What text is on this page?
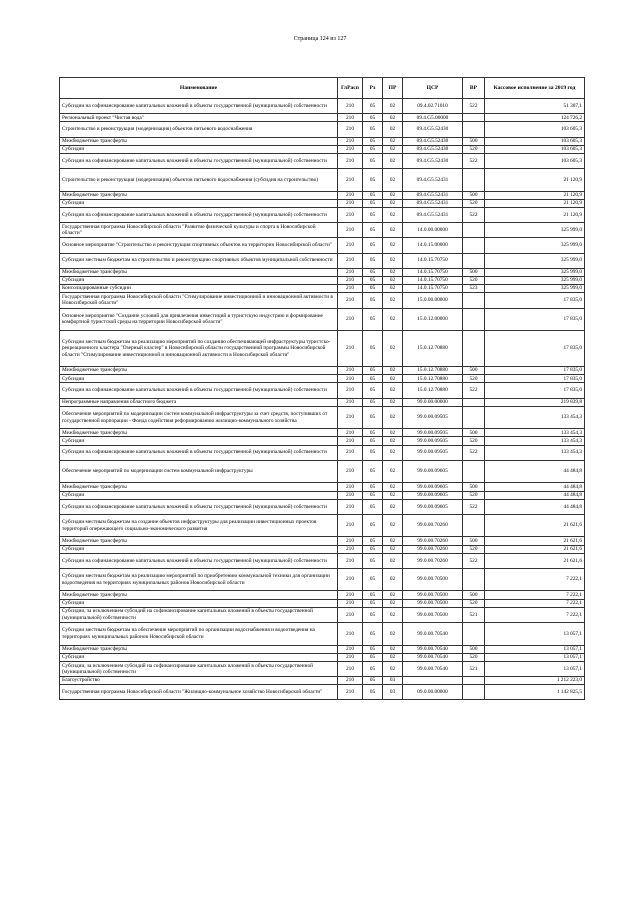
Страница 124 из 127
Наименование	ГлРасп	Рз	ПР	ЦСР	ВР	Кассовое исполнение за 2019 год
Субсидии на софинансирование капитальных вложений в объекты государственной (муниципальной) собственности	210	05	02	09.4.02.71010	522	51 307,1
Региональный проект "Чистая вода"	210	05	02	09.4.G5.00000		124 726,2
Строительство и реконструкция (модернизация) объектов питьевого водоснабжения	210	05	02	09.4.G5.52430		103 605,3
Межбюджетные трансферты	210	05	02	09.4.G5.52430	500	103 605,3
Субсидии	210	05	02	09.4.G5.52430	520	103 605,3
Субсидии на софинансирование капитальных вложений в объекты государственной (муниципальной) собственности	210	05	02	09.4.G5.52430	522	103 605,3
Строительство и реконструкция (модернизация) объектов питьевого водоснабжения (субсидия на строительство)	210	05	02	09.4.G5.52431		21 120,9
Межбюджетные трансферты	210	05	02	09.4.G5.52431	500	21 120,9
Субсидии	210	05	02	09.4.G5.52431	520	21 120,9
Субсидии на софинансирование капитальных вложений в объекты государственной (муниципальной) собственности	210	05	02	09.4.G5.52431	522	21 120,9
Государственная программа Новосибирской области "Развитие физической культуры и спорта в Новосибирской области"	210	05	02	14.0.00.00000		325 999,0
Основное мероприятие "Строительство и реконструкция спортивных объектов на территории Новосибирской области"	210	05	02	14.0.15.00000		325 999,0
Субсидии местным бюджетам на строительство и реконструкцию спортивных объектов муниципальной собственности	210	05	02	14.0.15.70750		325 999,0
Межбюджетные трансферты	210	05	02	14.0.15.70750	500	325 999,0
Субсидии	210	05	02	14.0.15.70750	520	325 999,0
Консолидированные субсидии	210	05	02	14.0.15.70750	523	325 999,0
Государственная программа Новосибирской области "Стимулирование инвестиционной и инновационной активности в Новосибирской области"	210	05	02	15.0.00.00000		17 835,0
Основное мероприятие "Создание условий для привлечения инвестиций в туристскую индустрию и формирование комфортной туристской среды на территории Новосибирской области"	210	05	02	15.0.12.00000		17 835,0
Субсидии местным бюджетам на реализацию мероприятий по созданию обеспечивающей инфраструктуры туристско-рекреационного кластера "Озерный кластер" в Новосибирской области государственной программы Новосибирской области "Стимулирование инвестиционной и инновационной активности в Новосибирской области"	210	05	02	15.0.12.70880		17 835,0
Межбюджетные трансферты	210	05	02	15.0.12.70880	500	17 835,0
Субсидии	210	05	02	15.0.12.70880	520	17 835,0
Субсидии на софинансирование капитальных вложений в объекты государственной (муниципальной) собственности	210	05	02	15.0.12.70880	522	17 835,0
Непрограммные направления областного бюджета	210	05	02	99.0.00.00000		219 839,8
Обеспечение мероприятий по модернизации систем коммунальной инфраструктуры за счет средств, поступивших от государственной корпорации - Фонда содействия реформированию жилищно-коммунального хозяйства	210	05	02	99.0.00.09505		133 454,3
Межбюджетные трансферты	210	05	02	99.0.00.09505	500	133 454,3
Субсидии	210	05	02	99.0.00.09505	520	133 454,3
Субсидии на софинансирование капитальных вложений в объекты государственной (муниципальной) собственности	210	05	02	99.0.00.09505	522	133 454,3
Обеспечение мероприятий по модернизации систем коммунальной инфраструктуры	210	05	02	99.0.00.09605		44 484,8
Межбюджетные трансферты	210	05	02	99.0.00.09605	500	44 484,8
Субсидии	210	05	02	99.0.00.09605	520	44 484,8
Субсидии на софинансирование капитальных вложений в объекты государственной (муниципальной) собственности	210	05	02	99.0.00.09605	522	44 484,8
Субсидии местным бюджетам на создание объектов инфраструктуры для реализации инвестиционных проектов территорий опережающего социально-экономического развития	210	05	02	99.0.00.70260		21 621,6
Межбюджетные трансферты	210	05	02	99.0.00.70260	500	21 621,6
Субсидии	210	05	02	99.0.00.70260	520	21 621,6
Субсидии на софинансирование капитальных вложений в объекты государственной (муниципальной) собственности	210	05	02	99.0.00.70260	522	21 621,6
Субсидии местным бюджетам на реализацию мероприятий по приобретению коммунальной техники для организации водоотведения на территориях муниципальных районов Новосибирской области	210	05	02	99.0.00.70500		7 222,1
Межбюджетные трансферты	210	05	02	99.0.00.70500	500	7 222,1
Субсидии	210	05	02	99.0.00.70500	520	7 222,1
Субсидии, за исключением субсидий на софинансирование капитальных вложений в объекты государственной (муниципальной) собственности	210	05	02	99.0.00.70500	521	7 222,1
Субсидии местным бюджетам на обеспечение мероприятий по организации водоснабжения и водоотведения на территориях муниципальных районов Новосибирской области	210	05	02	99.0.00.70540		13 057,1
Межбюджетные трансферты	210	05	02	99.0.00.70540	500	13 057,1
Субсидии	210	05	02	99.0.00.70540	520	13 057,1
Субсидии, за исключением субсидий на софинансирование капитальных вложений в объекты государственной (муниципальной) собственности	210	05	02	99.0.00.70540	521	13 057,1
Благоустройство	210	05	03			1 212 223,0
Государственная программа Новосибирской области "Жилищно-коммунальное хозяйство Новосибирской области"	210	05	03	09.0.00.00000		1 142 825,5
